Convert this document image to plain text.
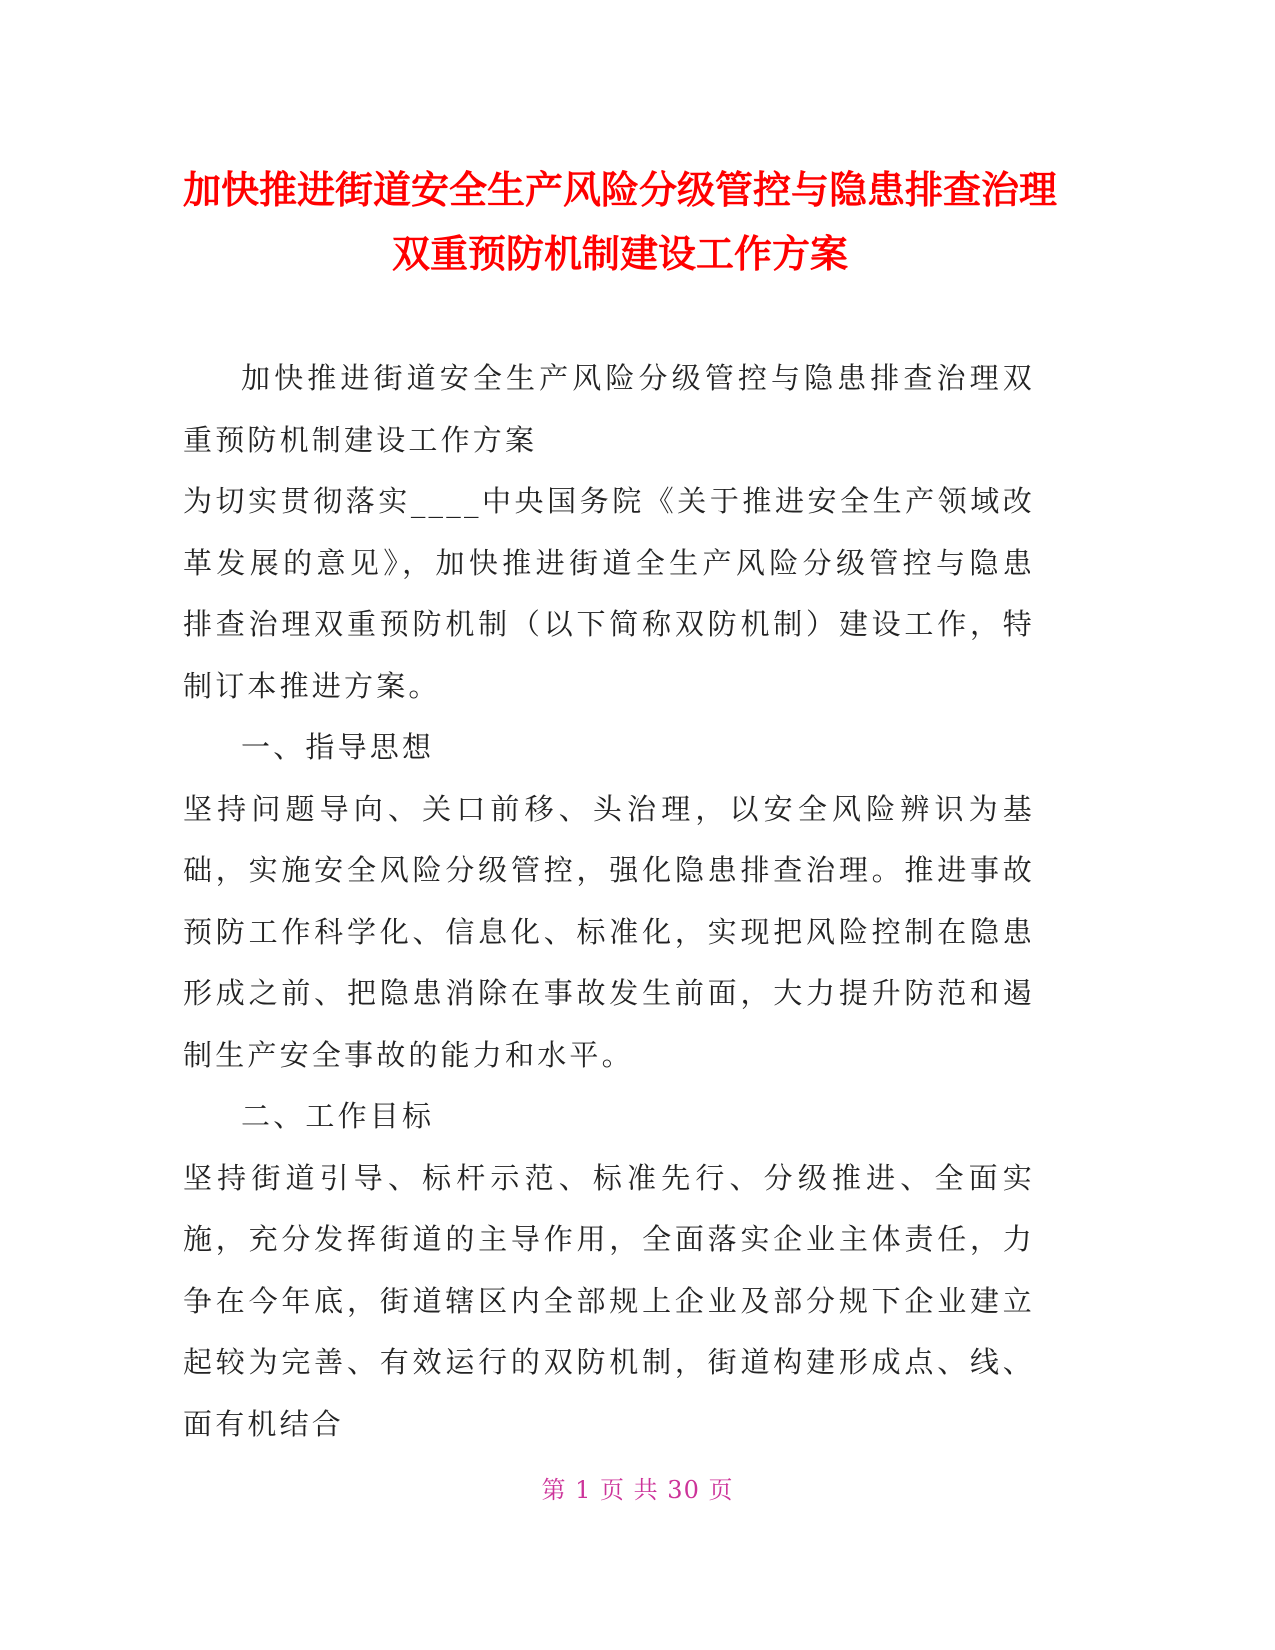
加快推进街道安全生产风险分级管控与隐患排查治理双重预防机制建设工作方案

加快推进街道安全生产风险分级管控与隐患排查治理双重预防机制建设工作方案

为切实贯彻落实____中央国务院《关于推进安全生产领域改革发展的意见》，加快推进街道全生产风险分级管控与隐患排查治理双重预防机制（以下简称双防机制）建设工作，特制订本推进方案。

一、指导思想

坚持问题导向、关口前移、头治理，以安全风险辨识为基础，实施安全风险分级管控，强化隐患排查治理。推进事故预防工作科学化、信息化、标准化，实现把风险控制在隐患形成之前、把隐患消除在事故发生前面，大力提升防范和遏制生产安全事故的能力和水平。

二、工作目标

坚持街道引导、标杆示范、标准先行、分级推进、全面实施，充分发挥街道的主导作用，全面落实企业主体责任，力争在今年底，街道辖区内全部规上企业及部分规下企业建立起较为完善、有效运行的双防机制，街道构建形成点、线、面有机结合

第 1 页 共 30 页
